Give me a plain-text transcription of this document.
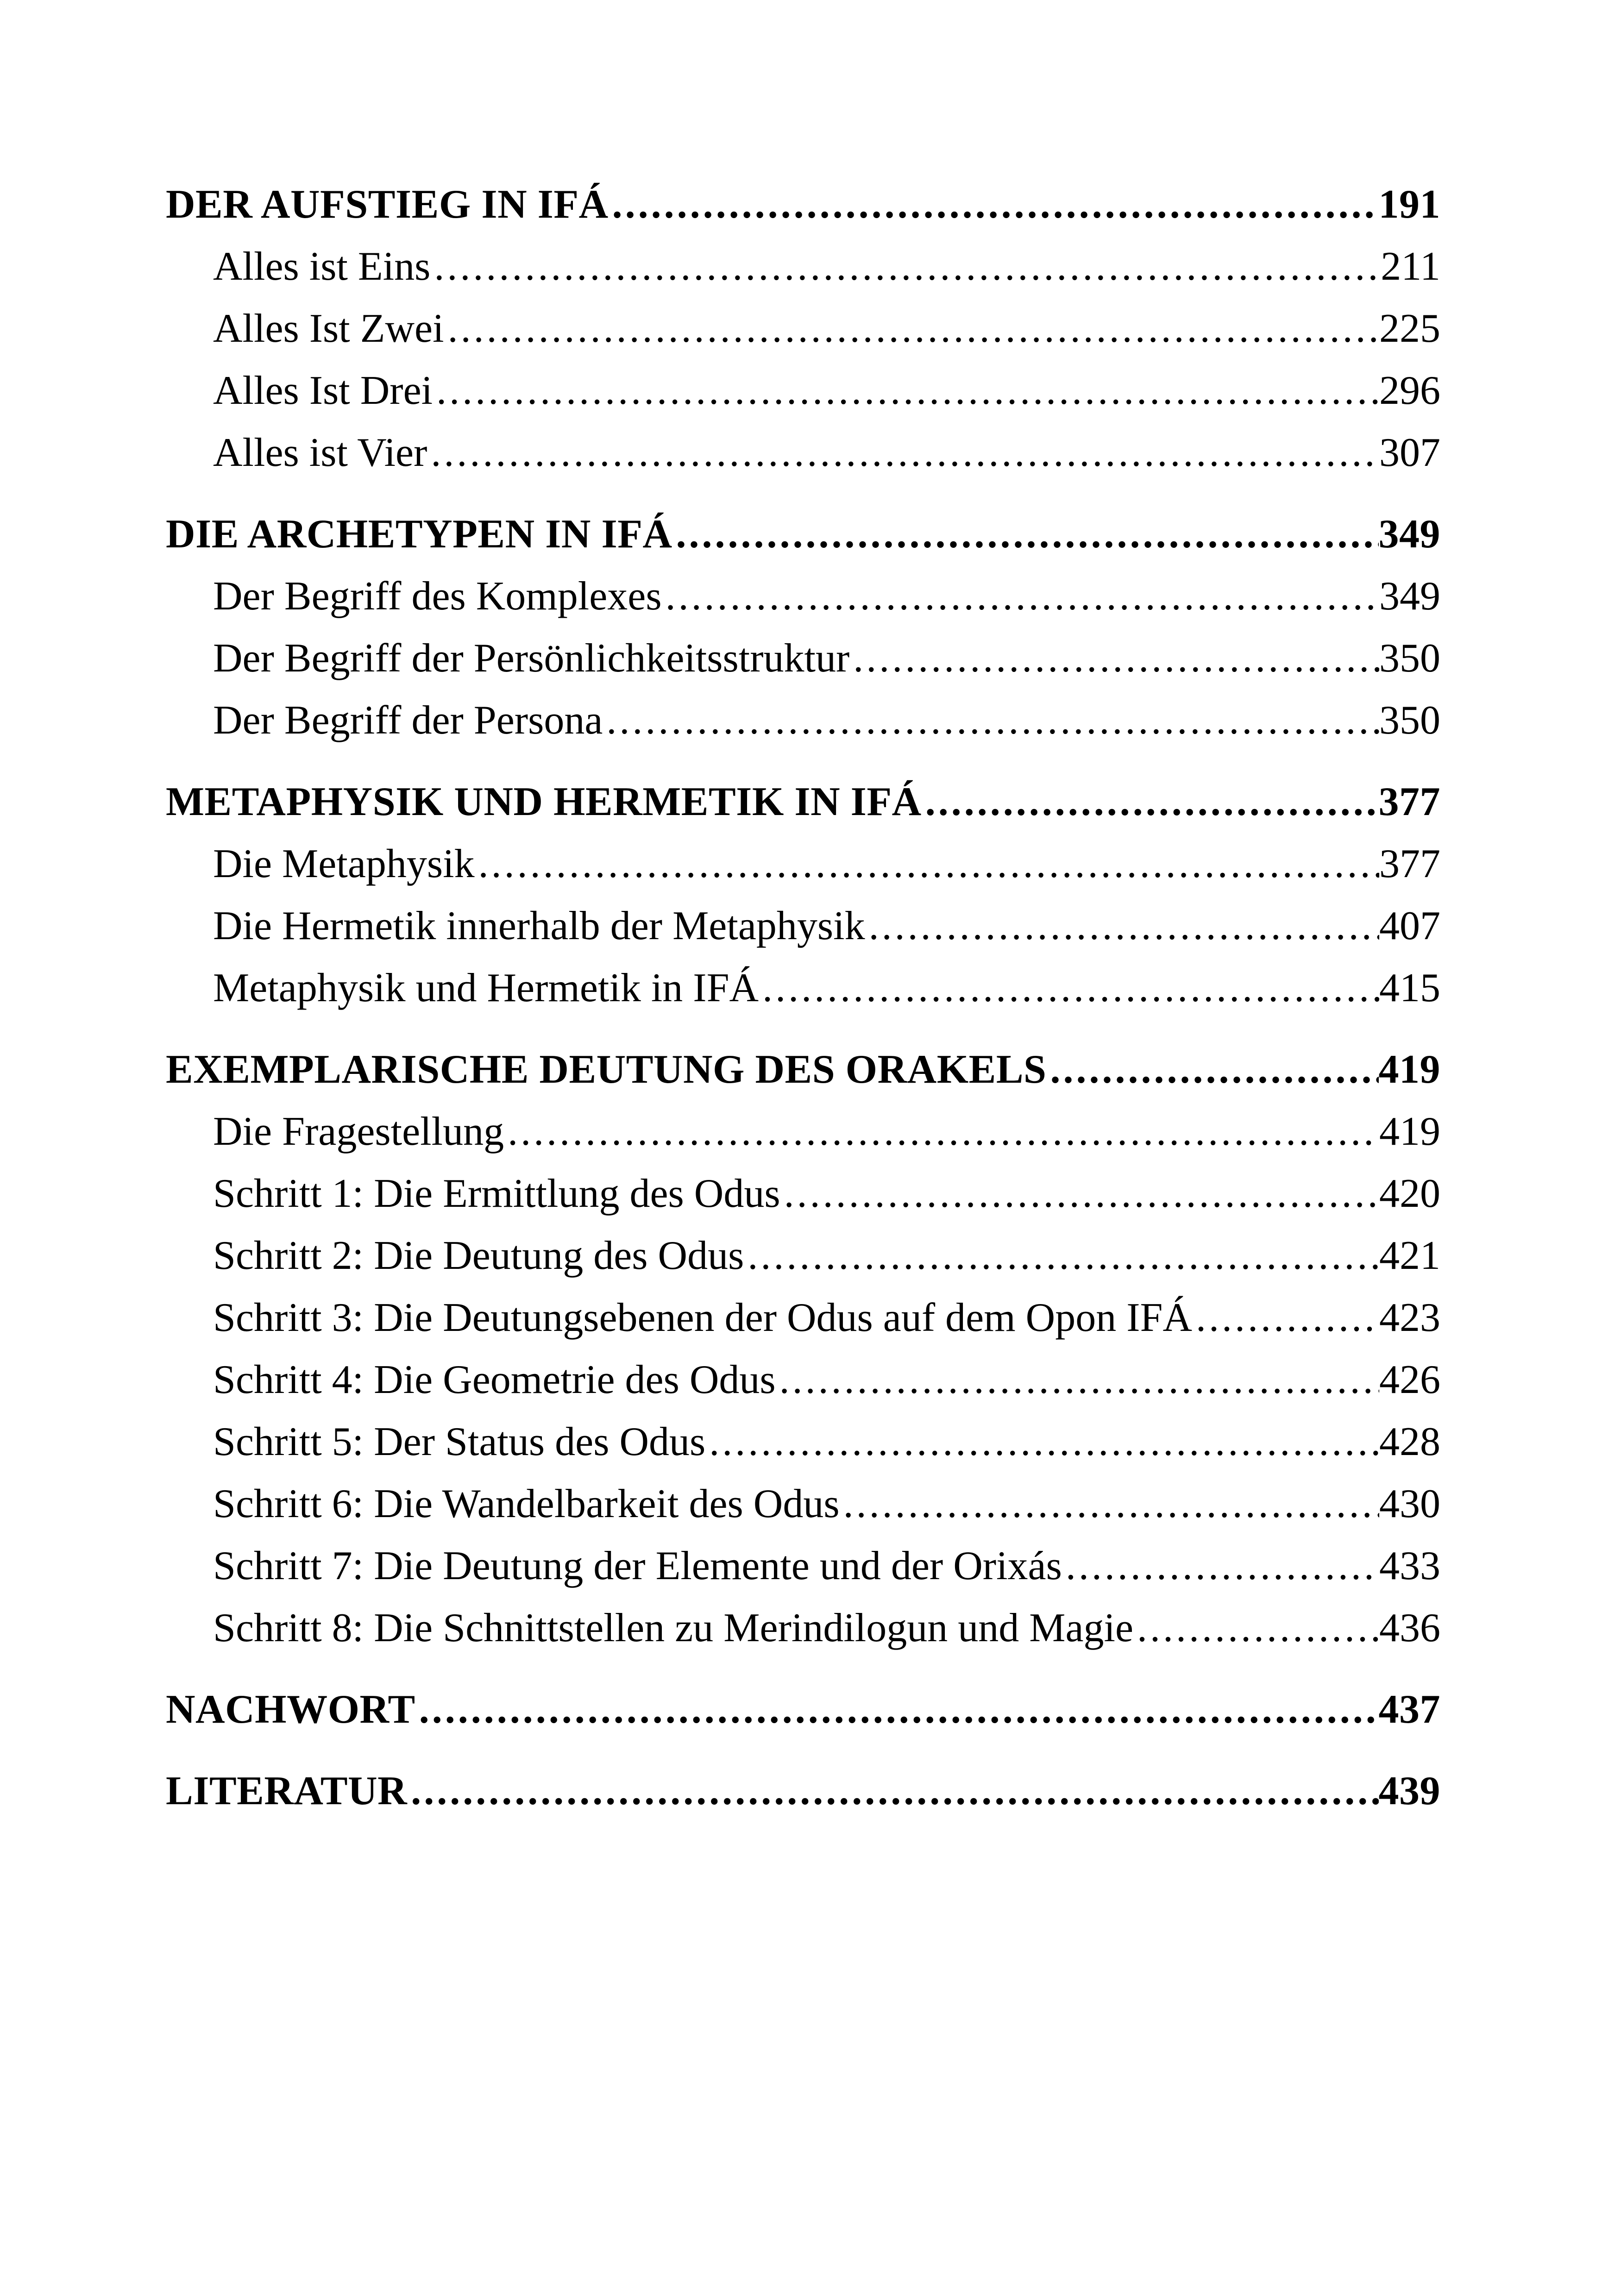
DER AUFSTIEG IN IFÁ .....	191
Alles ist Eins .....	211
Alles Ist Zwei .....	225
Alles Ist Drei .....	296
Alles ist Vier .....	307
DIE ARCHETYPEN IN IFÁ .....	349
Der Begriff des Komplexes .....	349
Der Begriff der Persönlichkeitsstruktur .....	350
Der Begriff der Persona .....	350
METAPHYSIK UND HERMETIK IN IFÁ .....	377
Die Metaphysik .....	377
Die Hermetik innerhalb der Metaphysik .....	407
Metaphysik und Hermetik in IFÁ .....	415
EXEMPLARISCHE DEUTUNG DES ORAKELS .....	419
Die Fragestellung .....	419
Schritt 1: Die Ermittlung des Odus .....	420
Schritt 2: Die Deutung des Odus .....	421
Schritt 3: Die Deutungsebenen der Odus auf dem Opon IFÁ .....	423
Schritt 4: Die Geometrie des Odus .....	426
Schritt 5: Der Status des Odus .....	428
Schritt 6: Die Wandelbarkeit des Odus .....	430
Schritt 7: Die Deutung der Elemente und der Orixás .....	433
Schritt 8: Die Schnittstellen zu Merindilogun und Magie .....	436
NACHWORT .....	437
LITERATUR .....	439
